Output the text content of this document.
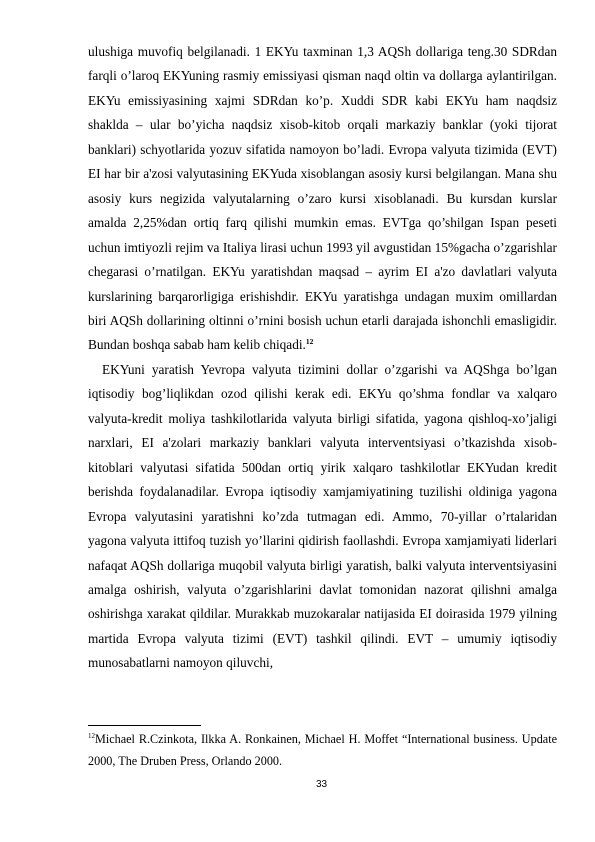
ulushiga muvofiq belgilanadi. 1 EKYu taxminan 1,3 AQSh dollariga teng.30 SDRdan farqli o’laroq EKYuning rasmiy emissiyasi qisman naqd oltin va dollarga aylantirilgan. EKYu emissiyasining xajmi SDRdan ko’p. Xuddi SDR kabi EKYu ham naqdsiz shaklda – ular bo’yicha naqdsiz xisob-kitob orqali markaziy banklar (yoki tijorat banklari) schyotlarida yozuv sifatida namoyon bo’ladi. Evropa valyuta tizimida (EVT) EI har bir a'zosi valyutasining EKYuda xisoblangan asosiy kursi belgilangan. Mana shu asosiy kurs negizida valyutalarning o’zaro kursi xisoblanadi. Bu kursdan kurslar amalda 2,25%dan ortiq farq qilishi mumkin emas. EVTga qo’shilgan Ispan peseti uchun imtiyozli rejim va Italiya lirasi uchun 1993 yil avgustidan 15%gacha o’zgarishlar chegarasi o’rnatilgan. EKYu yaratishdan maqsad – ayrim EI a'zo davlatlari valyuta kurslarining barqarorligiga erishishdir. EKYu yaratishga undagan muxim omillardan biri AQSh dollarining oltinni o’rnini bosish uchun etarli darajada ishonchli emasligidir. Bundan boshqa sabab ham kelib chiqadi.$^{12}$

EKYuni yaratish Yevropa valyuta tizimini dollar o’zgarishi va AQShga bo’lgan iqtisodiy bog’liqlikdan ozod qilishi kerak edi. EKYu qo’shma fondlar va xalqaro valyuta-kredit moliya tashkilotlarida valyuta birligi sifatida, yagona qishloq-xo’jaligi narxlari, EI a'zolari markaziy banklari valyuta interventsiyasi o’tkazishda xisob-kitoblari valyutasi sifatida 500dan ortiq yirik xalqaro tashkilotlar EKYudan kredit berishda foydalanadilar. Evropa iqtisodiy xamjamiyatining tuzilishi oldiniga yagona Evropa valyutasini yaratishni ko’zda tutmagan edi. Ammo, 70-yillar o’rtalaridan yagona valyuta ittifoq tuzish yo’llarini qidirish faollashdi. Evropa xamjamiyati liderlari nafaqat AQSh dollariga muqobil valyuta birligi yaratish, balki valyuta interventsiyasini amalga oshirish, valyuta o’zgarishlarini davlat tomonidan nazorat qilishni amalga oshirishga xarakat qildilar. Murakkab muzokaralar natijasida EI doirasida 1979 yilning martida Evropa valyuta tizimi (EVT) tashkil qilindi. EVT – umumiy iqtisodiy munosabatlarni namoyon qiluvchi,

$^{12}$Michael R.Czinkota, Ilkka A. Ronkainen, Michael H. Moffet “International business. Update 2000, The Druben Press, Orlando 2000.

33
